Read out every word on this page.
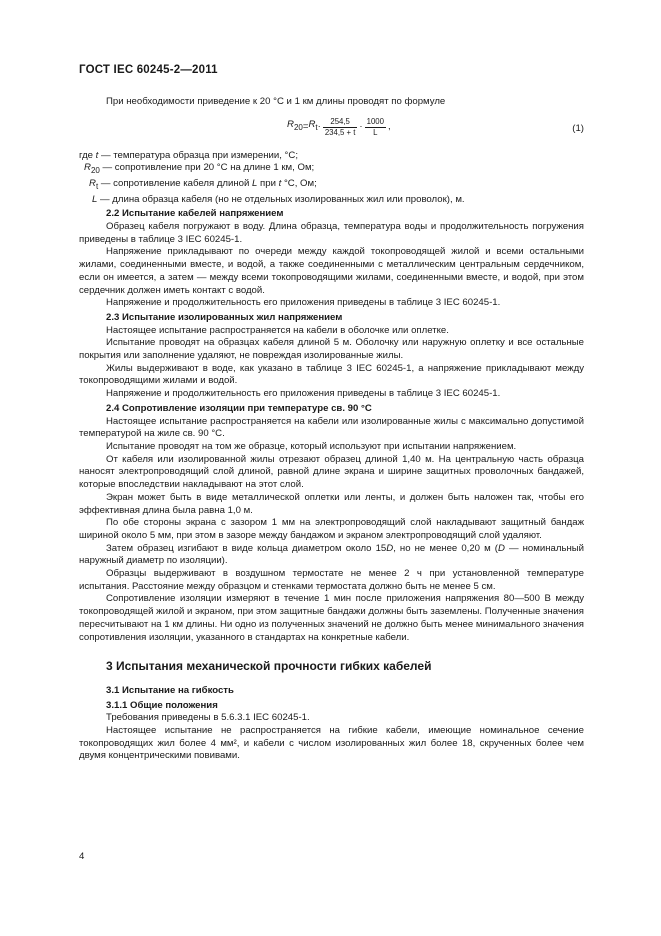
ГОСТ IEC 60245-2—2011

При необходимости приведение к 20 °С и 1 км длины проводят по формуле

$R_{20}=R_t\cdot \frac{254,5}{234,5 + t} \cdot \frac{1000}{L}$ ,	(1)
где t — температура образца при измерении, °С;
$R_{20}$ — сопротивление при 20 °С на длине 1 км, Ом;
$R_t$ — сопротивление кабеля длиной L при t °С, Ом;
L — длина образца кабеля (но не отдельных изолированных жил или проволок), м.

2.2 Испытание кабелей напряжением

Образец кабеля погружают в воду. Длина образца, температура воды и продолжительность погружения приведены в таблице 3 IEC 60245-1.

Напряжение прикладывают по очереди между каждой токопроводящей жилой и всеми остальными жилами, соединенными вместе, и водой, а также соединенными с металлическим центральным сердечником, если он имеется, а затем — между всеми токопроводящими жилами, соединенными вместе, и водой, при этом сердечник должен иметь контакт с водой.

Напряжение и продолжительность его приложения приведены в таблице 3 IEC 60245-1.

2.3 Испытание изолированных жил напряжением

Настоящее испытание распространяется на кабели в оболочке или оплетке.

Испытание проводят на образцах кабеля длиной 5 м. Оболочку или наружную оплетку и все остальные покрытия или заполнение удаляют, не повреждая изолированные жилы.

Жилы выдерживают в воде, как указано в таблице 3 IEC 60245-1, а напряжение прикладывают между токопроводящими жилами и водой.

Напряжение и продолжительность его приложения приведены в таблице 3 IEC 60245-1.

2.4 Сопротивление изоляции при температуре св. 90 °С

Настоящее испытание распространяется на кабели или изолированные жилы с максимально допустимой температурой на жиле св. 90 °С.

Испытание проводят на том же образце, который используют при испытании напряжением.

От кабеля или изолированной жилы отрезают образец длиной 1,40 м. На центральную часть образца наносят электропроводящий слой длиной, равной длине экрана и ширине защитных проволочных бандажей, которые впоследствии накладывают на этот слой.

Экран может быть в виде металлической оплетки или ленты, и должен быть наложен так, чтобы его эффективная длина была равна 1,0 м.

По обе стороны экрана с зазором 1 мм на электропроводящий слой накладывают защитный бандаж шириной около 5 мм, при этом в зазоре между бандажом и экраном электропроводящий слой удаляют.

Затем образец изгибают в виде кольца диаметром около 15D, но не менее 0,20 м (D — номинальный наружный диаметр по изоляции).

Образцы выдерживают в воздушном термостате не менее 2 ч при установленной температуре испытания. Расстояние между образцом и стенками термостата должно быть не менее 5 см.

Сопротивление изоляции измеряют в течение 1 мин после приложения напряжения 80—500 В между токопроводящей жилой и экраном, при этом защитные бандажи должны быть заземлены. Полученные значения пересчитывают на 1 км длины. Ни одно из полученных значений не должно быть менее минимального значения сопротивления изоляции, указанного в стандартах на конкретные кабели.

3 Испытания механической прочности гибких кабелей

3.1 Испытание на гибкость

3.1.1 Общие положения

Требования приведены в 5.6.3.1 IEC 60245-1.

Настоящее испытание не распространяется на гибкие кабели, имеющие номинальное сечение токопроводящих жил более 4 мм², и кабели с числом изолированных жил более 18, скрученных более чем двумя концентрическими повивами.

4
